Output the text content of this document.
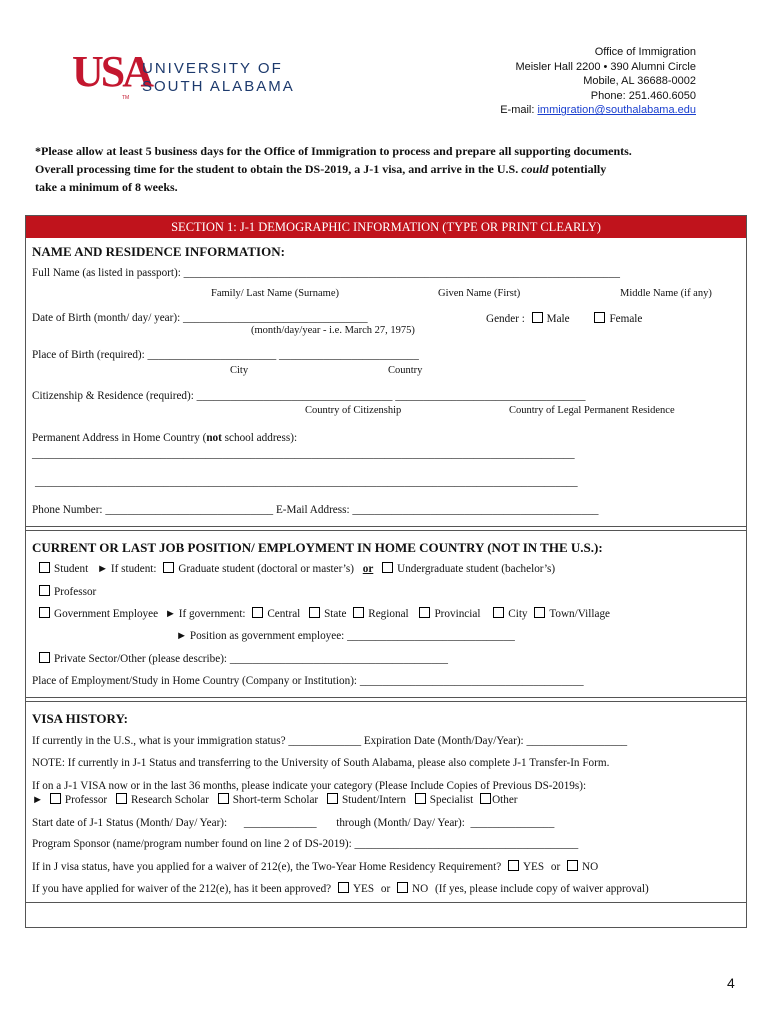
USA
TM
UNIVERSITY OF
SOUTH ALABAMA
Office of Immigration
Meisler Hall 2200 • 390 Alumni Circle
Mobile, AL 36688-0002
Phone: 251.460.6050
E-mail: immigration@southalabama.edu
*Please allow at least 5 business days for the Office of Immigration to process and prepare all supporting documents.
Overall processing time for the student to obtain the DS-2019, a J-1 visa, and arrive in the U.S. could potentially
take a minimum of 8 weeks.
SECTION 1: J-1 DEMOGRAPHIC INFORMATION (TYPE OR PRINT CLEARLY)
NAME AND RESIDENCE INFORMATION:
Full Name (as listed in passport): ______________________________________________________________________________
Family/ Last Name (Surname)	Given Name (First)	Middle Name (if any)
Date of Birth (month/ day/ year): _________________________________
(month/day/year - i.e. March 27, 1975)
Gender : Male	Female
Place of Birth (required): _______________________ _________________________
City	Country
Citizenship & Residence (required): ___________________________________ __________________________________
Country of Citizenship	Country of Legal Permanent Residence
Permanent Address in Home Country (not school address):
_________________________________________________________________________________________________
_________________________________________________________________________________________________
Phone Number: ______________________________ E-Mail Address: ____________________________________________
CURRENT OR LAST JOB POSITION/ EMPLOYMENT IN HOME COUNTRY (NOT IN THE U.S.):
Student ► If student: Graduate student (doctoral or master’s) or Undergraduate student (bachelor’s)
Professor
Government Employee ► If government: Central State Regional Provincial City Town/Village
► Position as government employee: ______________________________
Private Sector/Other (please describe): _______________________________________
Place of Employment/Study in Home Country (Company or Institution): ________________________________________
VISA HISTORY:
If currently in the U.S., what is your immigration status? _____________ Expiration Date (Month/Day/Year): __________________
NOTE: If currently in J-1 Status and transferring to the University of South Alabama, please also complete J-1 Transfer-In Form.
If on a J-1 VISA now or in the last 36 months, please indicate your category (Please Include Copies of Previous DS-2019s):
► Professor Research Scholar Short-term Scholar Student/Intern Specialist Other
Start date of J-1 Status (Month/ Day/ Year):      _____________       through (Month/ Day/ Year):  _______________
Program Sponsor (name/program number found on line 2 of DS-2019): ________________________________________
If in J visa status, have you applied for a waiver of 212(e), the Two-Year Home Residency Requirement? YES or NO
If you have applied for waiver of the 212(e), has it been approved? YES or NO (If yes, please include copy of waiver approval)
4
